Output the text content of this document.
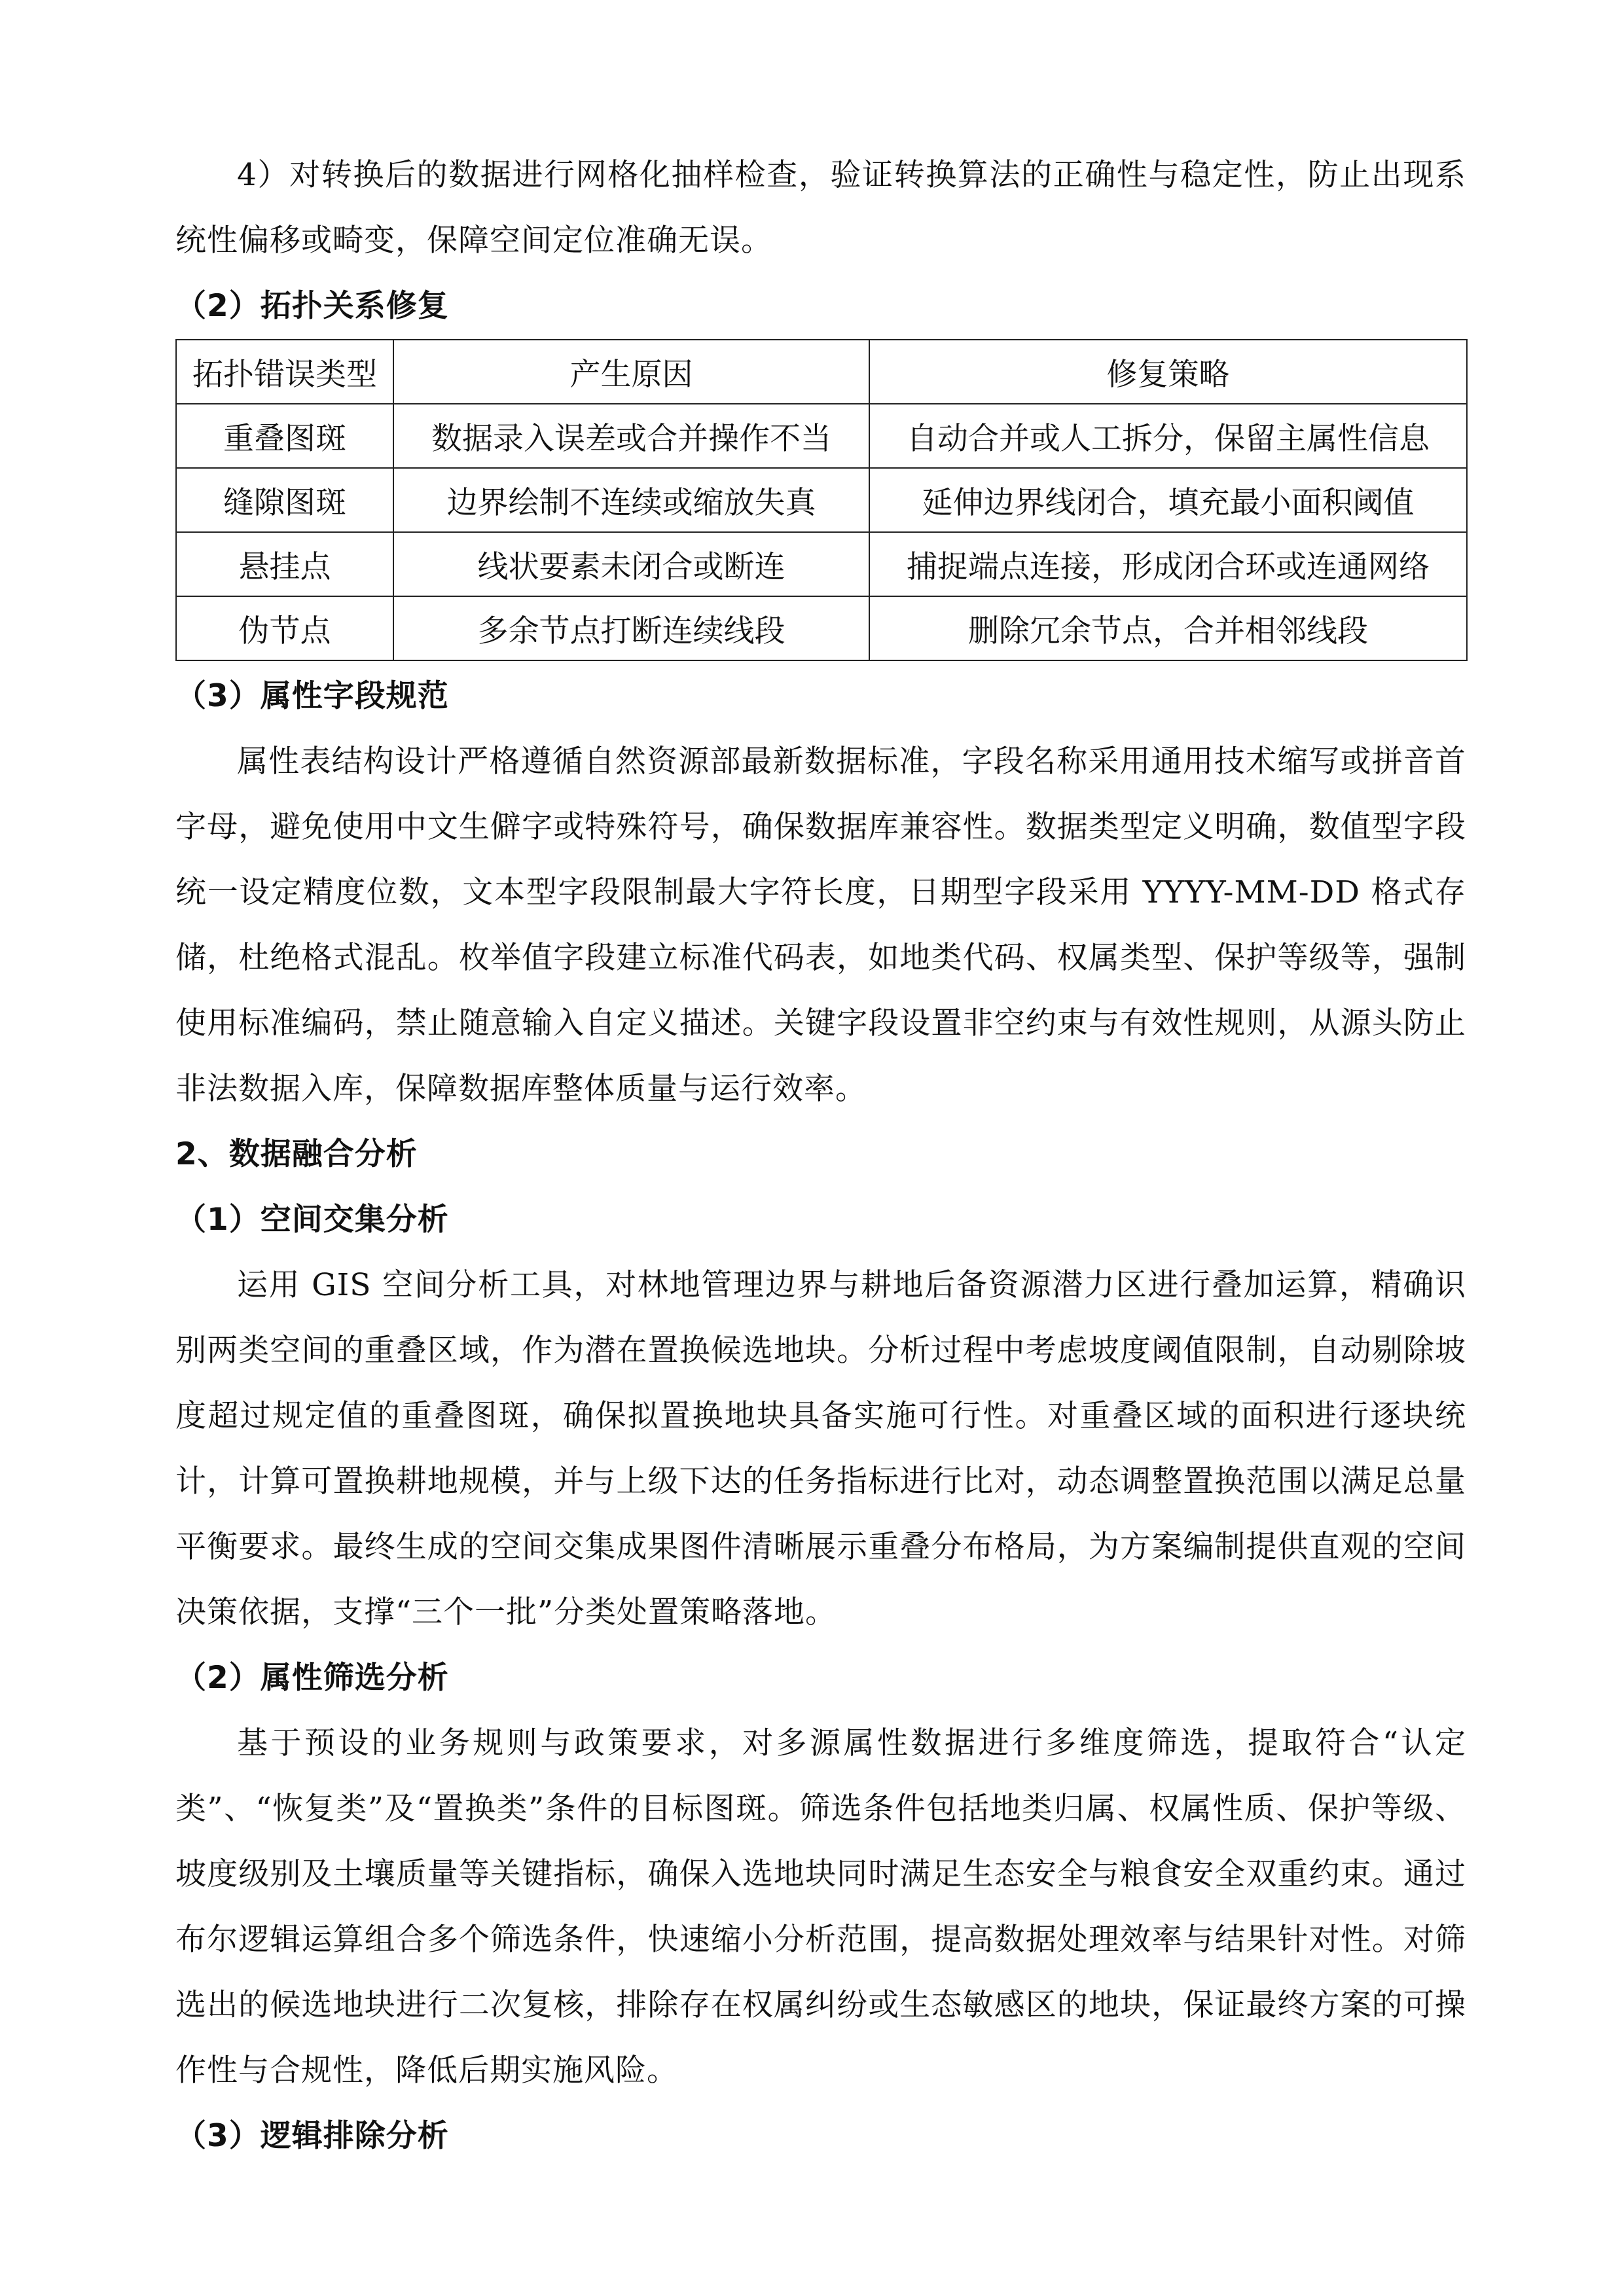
4）对转换后的数据进行网格化抽样检查，验证转换算法的正确性与稳定性，防止出现系统性偏移或畸变，保障空间定位准确无误。

（2）拓扑关系修复
拓扑错误类型	产生原因	修复策略
重叠图斑	数据录入误差或合并操作不当	自动合并或人工拆分，保留主属性信息
缝隙图斑	边界绘制不连续或缩放失真	延伸边界线闭合，填充最小面积阈值
悬挂点	线状要素未闭合或断连	捕捉端点连接，形成闭合环或连通网络
伪节点	多余节点打断连续线段	删除冗余节点，合并相邻线段
（3）属性字段规范

属性表结构设计严格遵循自然资源部最新数据标准，字段名称采用通用技术缩写或拼音首字母，避免使用中文生僻字或特殊符号，确保数据库兼容性。数据类型定义明确，数值型字段统一设定精度位数，文本型字段限制最大字符长度，日期型字段采用 YYYY-MM-DD 格式存储，杜绝格式混乱。枚举值字段建立标准代码表，如地类代码、权属类型、保护等级等，强制使用标准编码，禁止随意输入自定义描述。关键字段设置非空约束与有效性规则，从源头防止非法数据入库，保障数据库整体质量与运行效率。

2、数据融合分析
（1）空间交集分析

运用 GIS 空间分析工具，对林地管理边界与耕地后备资源潜力区进行叠加运算，精确识别两类空间的重叠区域，作为潜在置换候选地块。分析过程中考虑坡度阈值限制，自动剔除坡度超过规定值的重叠图斑，确保拟置换地块具备实施可行性。对重叠区域的面积进行逐块统计，计算可置换耕地规模，并与上级下达的任务指标进行比对，动态调整置换范围以满足总量平衡要求。最终生成的空间交集成果图件清晰展示重叠分布格局，为方案编制提供直观的空间决策依据，支撑“三个一批”分类处置策略落地。

（2）属性筛选分析

基于预设的业务规则与政策要求，对多源属性数据进行多维度筛选，提取符合“认定类”、“恢复类”及“置换类”条件的目标图斑。筛选条件包括地类归属、权属性质、保护等级、坡度级别及土壤质量等关键指标，确保入选地块同时满足生态安全与粮食安全双重约束。通过布尔逻辑运算组合多个筛选条件，快速缩小分析范围，提高数据处理效率与结果针对性。对筛选出的候选地块进行二次复核，排除存在权属纠纷或生态敏感区的地块，保证最终方案的可操作性与合规性，降低后期实施风险。

（3）逻辑排除分析
